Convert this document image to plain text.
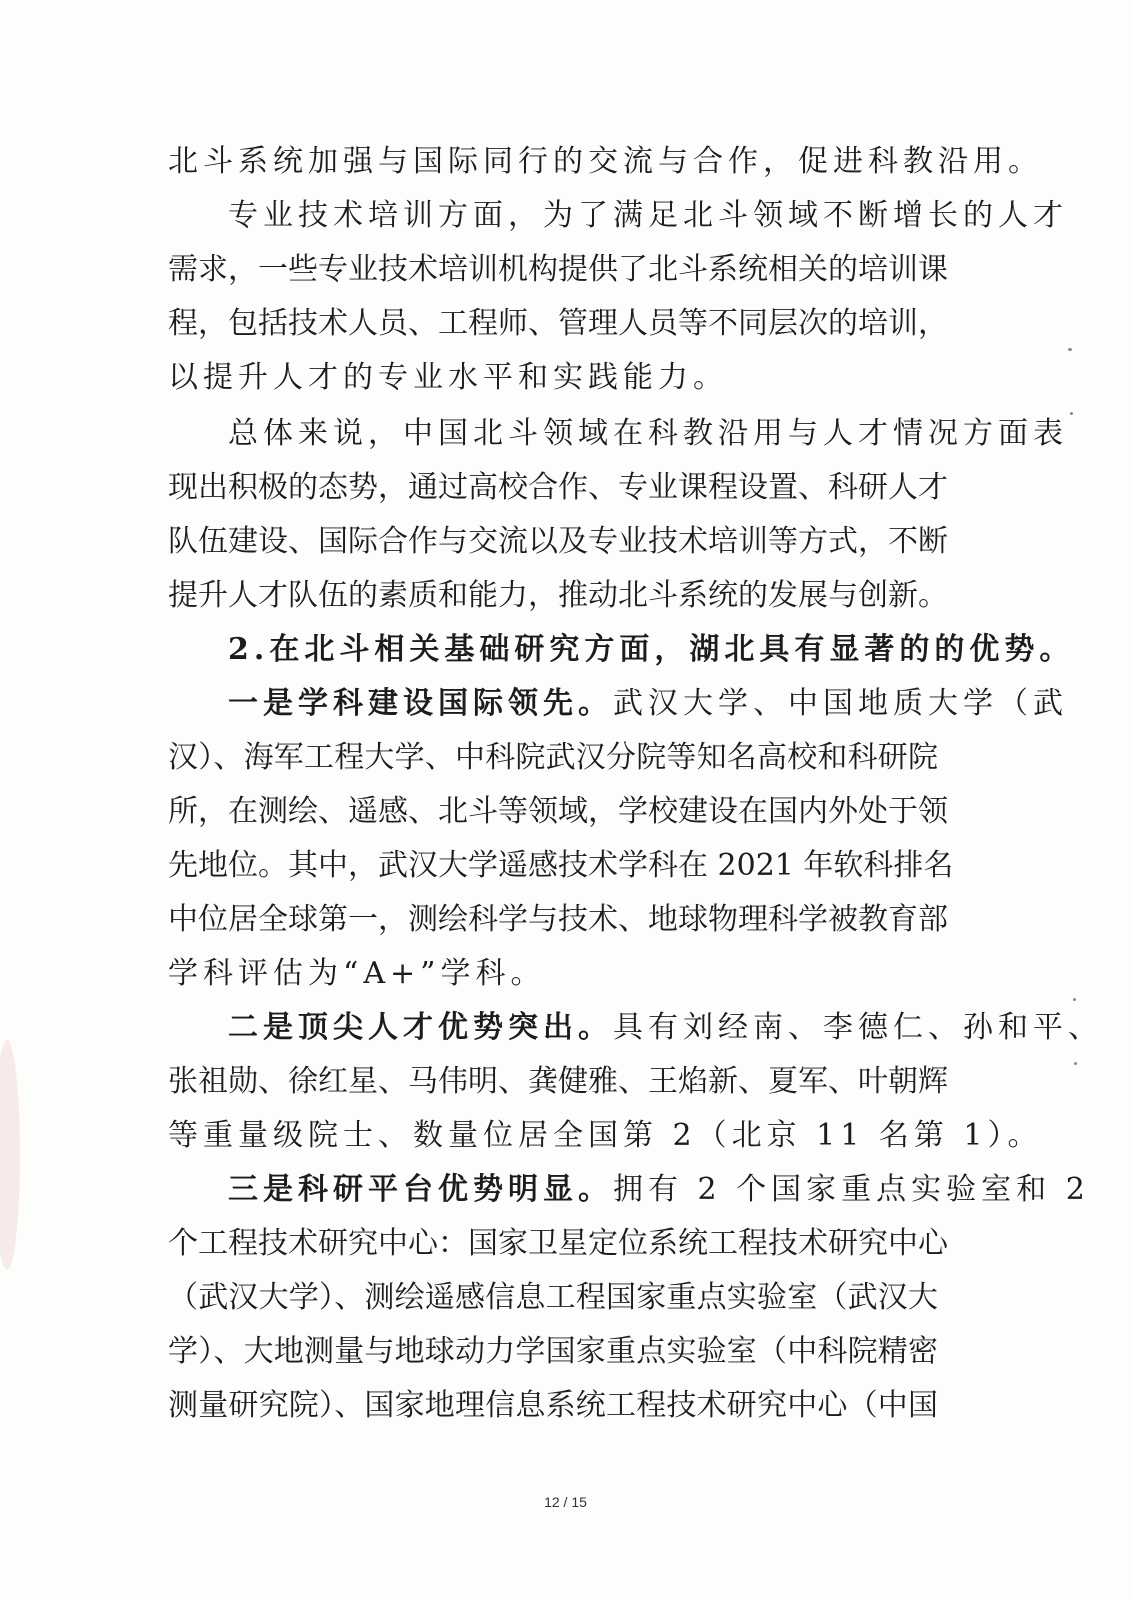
北斗系统加强与国际同行的交流与合作，促进科教沿用。
专业技术培训方面，为了满足北斗领域不断增长的人才
需求，一些专业技术培训机构提供了北斗系统相关的培训课
程，包括技术人员、工程师、管理人员等不同层次的培训，
以提升人才的专业水平和实践能力。
总体来说，中国北斗领域在科教沿用与人才情况方面表
现出积极的态势，通过高校合作、专业课程设置、科研人才
队伍建设、国际合作与交流以及专业技术培训等方式，不断
提升人才队伍的素质和能力，推动北斗系统的发展与创新。
2.在北斗相关基础研究方面，湖北具有显著的的优势。
一是学科建设国际领先。武汉大学、中国地质大学（武
汉）、海军工程大学、中科院武汉分院等知名高校和科研院
所，在测绘、遥感、北斗等领域，学校建设在国内外处于领
先地位。其中，武汉大学遥感技术学科在 2021 年软科排名
中位居全球第一，测绘科学与技术、地球物理科学被教育部
学科评估为“A+”学科。
二是顶尖人才优势突出。具有刘经南、李德仁、孙和平、
张祖勋、徐红星、马伟明、龚健雅、王焰新、夏军、叶朝辉
等重量级院士、数量位居全国第 2（北京 11 名第 1）。
三是科研平台优势明显。拥有 2 个国家重点实验室和 2
个工程技术研究中心：国家卫星定位系统工程技术研究中心
（武汉大学）、测绘遥感信息工程国家重点实验室（武汉大
学）、大地测量与地球动力学国家重点实验室（中科院精密
测量研究院）、国家地理信息系统工程技术研究中心（中国
12 / 15
